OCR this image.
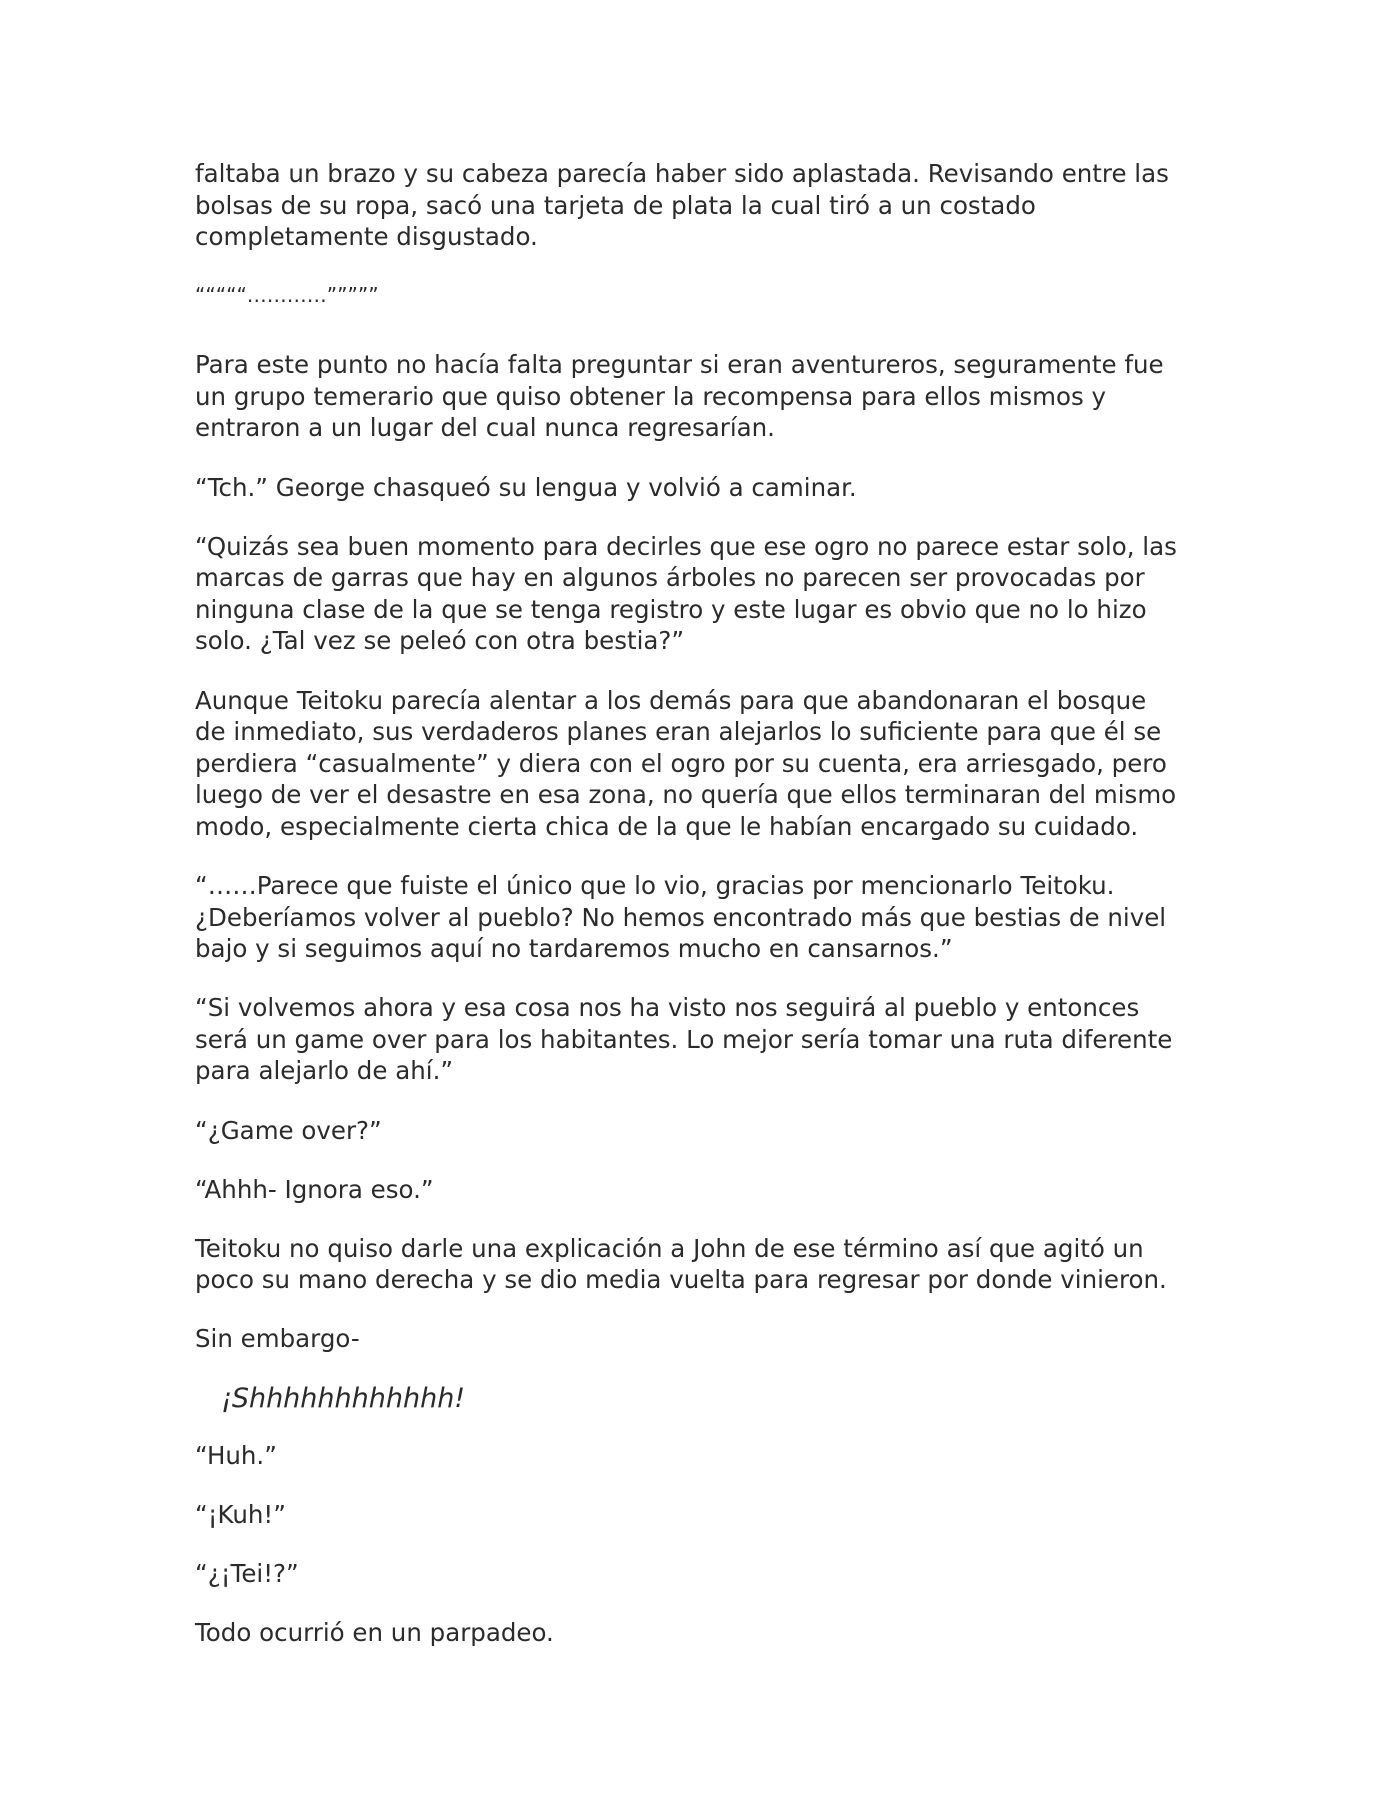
faltaba un brazo y su cabeza parecía haber sido aplastada. Revisando entre las
bolsas de su ropa, sacó una tarjeta de plata la cual tiró a un costado
completamente disgustado.

“““““…………”””””

Para este punto no hacía falta preguntar si eran aventureros, seguramente fue
un grupo temerario que quiso obtener la recompensa para ellos mismos y
entraron a un lugar del cual nunca regresarían.

“Tch.” George chasqueó su lengua y volvió a caminar.

“Quizás sea buen momento para decirles que ese ogro no parece estar solo, las
marcas de garras que hay en algunos árboles no parecen ser provocadas por
ninguna clase de la que se tenga registro y este lugar es obvio que no lo hizo
solo. ¿Tal vez se peleó con otra bestia?”

Aunque Teitoku parecía alentar a los demás para que abandonaran el bosque
de inmediato, sus verdaderos planes eran alejarlos lo suficiente para que él se
perdiera “casualmente” y diera con el ogro por su cuenta, era arriesgado, pero
luego de ver el desastre en esa zona, no quería que ellos terminaran del mismo
modo, especialmente cierta chica de la que le habían encargado su cuidado.

“……Parece que fuiste el único que lo vio, gracias por mencionarlo Teitoku.
¿Deberíamos volver al pueblo? No hemos encontrado más que bestias de nivel
bajo y si seguimos aquí no tardaremos mucho en cansarnos.”

“Si volvemos ahora y esa cosa nos ha visto nos seguirá al pueblo y entonces
será un game over para los habitantes. Lo mejor sería tomar una ruta diferente
para alejarlo de ahí.”

“¿Game over?”

“Ahhh- Ignora eso.”

Teitoku no quiso darle una explicación a John de ese término así que agitó un
poco su mano derecha y se dio media vuelta para regresar por donde vinieron.

Sin embargo-

¡Shhhhhhhhhhhh!

“Huh.”

“¡Kuh!”

“¿¡Tei!?”

Todo ocurrió en un parpadeo.
